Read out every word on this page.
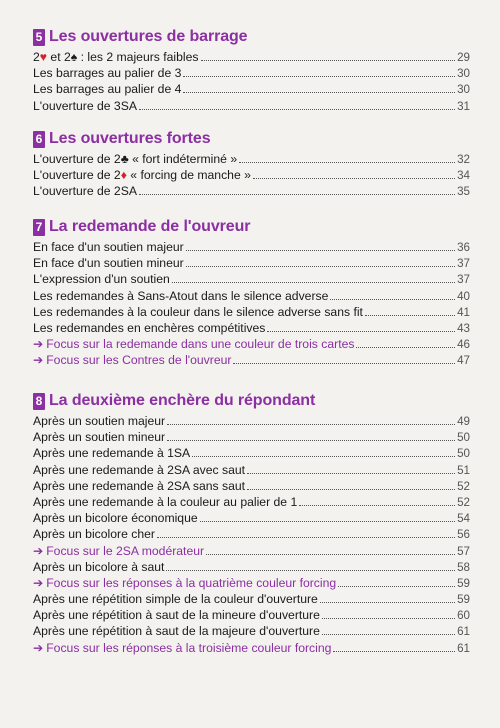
5 Les ouvertures de barrage
2♥ et 2♠ : les 2 majeurs faibles	29
Les barrages au palier de 3	30
Les barrages au palier de 4	30
L'ouverture de 3SA	31
6 Les ouvertures fortes
L'ouverture de 2♣ « fort indéterminé »	32
L'ouverture de 2♦ « forcing de manche »	34
L'ouverture de 2SA	35
7 La redemande de l'ouvreur
En face d'un soutien majeur	36
En face d'un soutien mineur	37
L'expression d'un soutien	37
Les redemandes à Sans-Atout dans le silence adverse	40
Les redemandes à la couleur dans le silence adverse sans fit	41
Les redemandes en enchères compétitives	43
➔ Focus sur la redemande dans une couleur de trois cartes	46
➔ Focus sur les Contres de l'ouvreur	47
8 La deuxième enchère du répondant
Après un soutien majeur	49
Après un soutien mineur	50
Après une redemande à 1SA	50
Après une redemande à 2SA avec saut	51
Après une redemande à 2SA sans saut	52
Après une redemande à la couleur au palier de 1	52
Après un bicolore économique	54
Après un bicolore cher	56
➔ Focus sur le 2SA modérateur	57
Après un bicolore à saut	58
➔ Focus sur les réponses à la quatrième couleur forcing	59
Après une répétition simple de la couleur d'ouverture	59
Après une répétition à saut de la mineure d'ouverture	60
Après une répétition à saut de la majeure d'ouverture	61
➔ Focus sur les réponses à la troisième couleur forcing	61
